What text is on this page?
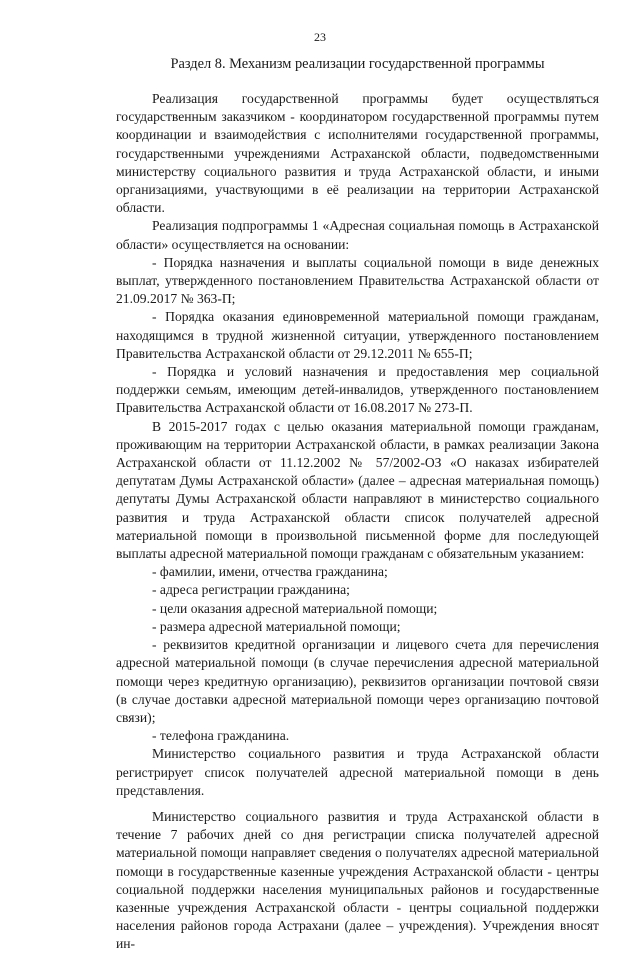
23
Раздел 8. Механизм реализации государственной программы

Реализация государственной программы будет осуществляться государственным заказчиком - координатором государственной программы путем координации и взаимодействия с исполнителями государственной программы, государственными учреждениями Астраханской области, подведомственными министерству социального развития и труда Астраханской области, и иными организациями, участвующими в её реализации на территории Астраханской области.

Реализация подпрограммы 1 «Адресная социальная помощь в Астраханской области» осуществляется на основании:

- Порядка назначения и выплаты социальной помощи в виде денежных выплат, утвержденного постановлением Правительства Астраханской области от 21.09.2017 № 363-П;

- Порядка оказания единовременной материальной помощи гражданам, находящимся в трудной жизненной ситуации, утвержденного постановлением Правительства Астраханской области от 29.12.2011 № 655-П;

- Порядка и условий назначения и предоставления мер социальной поддержки семьям, имеющим детей-инвалидов, утвержденного постановлением Правительства Астраханской области от 16.08.2017 № 273-П.

В 2015-2017 годах с целью оказания материальной помощи гражданам, проживающим на территории Астраханской области, в рамках реализации Закона Астраханской области от 11.12.2002 № 57/2002-ОЗ «О наказах избирателей депутатам Думы Астраханской области» (далее – адресная материальная помощь) депутаты Думы Астраханской области направляют в министерство социального развития и труда Астраханской области список получателей адресной материальной помощи в произвольной письменной форме для последующей выплаты адресной материальной помощи гражданам с обязательным указанием:

- фамилии, имени, отчества гражданина;

- адреса регистрации гражданина;

- цели оказания адресной материальной помощи;

- размера адресной материальной помощи;

- реквизитов кредитной организации и лицевого счета для перечисления адресной материальной помощи (в случае перечисления адресной материальной помощи через кредитную организацию), реквизитов организации почтовой связи (в случае доставки адресной материальной помощи через организацию почтовой связи);

- телефона гражданина.

Министерство социального развития и труда Астраханской области регистрирует список получателей адресной материальной помощи в день представления.

Министерство социального развития и труда Астраханской области в течение 7 рабочих дней со дня регистрации списка получателей адресной материальной помощи направляет сведения о получателях адресной материальной помощи в государственные казенные учреждения Астраханской области - центры социальной поддержки населения муниципальных районов и государственные казенные учреждения Астраханской области - центры социальной поддержки населения районов города Астрахани (далее – учреждения). Учреждения вносят ин-
